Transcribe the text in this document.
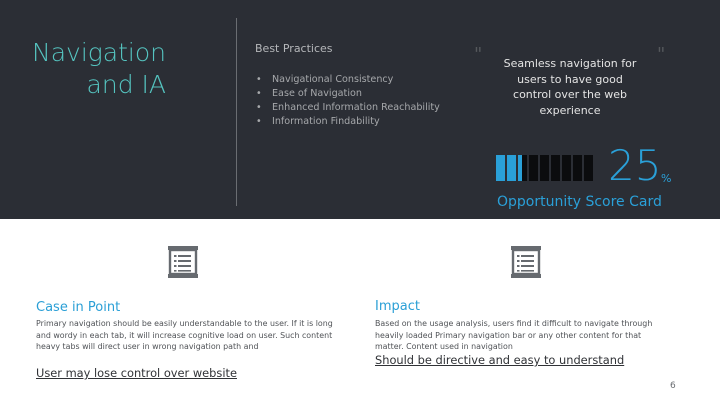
Navigation
and IA
Best Practices
• Navigational Consistency
• Ease of Navigation
• Enhanced Information Reachability
• Information Findability
"	"
Seamless navigation for users to have good control over the web experience
25 %
Opportunity Score Card
Case in Point
Primary navigation should be easily understandable to the user. If it is long and wordy in each tab, it will increase cognitive load on user. Such content heavy tabs will direct user in wrong navigation path and
User may lose control over website
Impact
Based on the usage analysis, users find it difficult to navigate through heavily loaded Primary navigation bar or any other content for that matter. Content used in navigation
Should be directive and easy to understand
6
